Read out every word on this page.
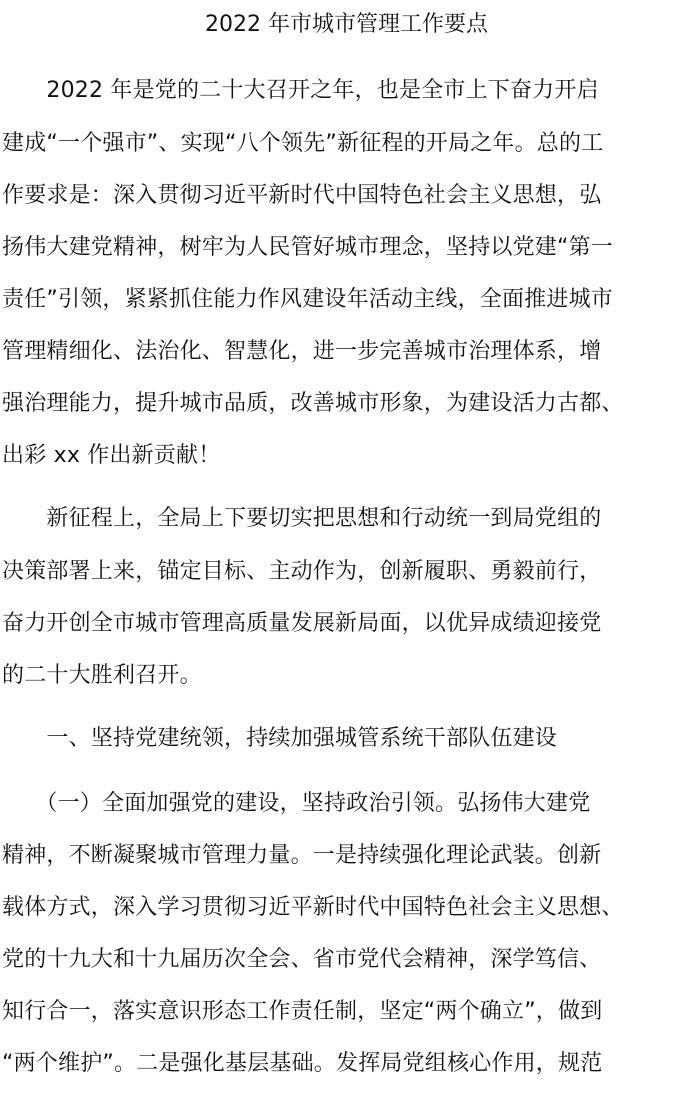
2022 年市城市管理工作要点
　　2022 年是党的二十大召开之年，也是全市上下奋力开启
建成“一个强市”、实现“八个领先”新征程的开局之年。总的工
作要求是：深入贯彻习近平新时代中国特色社会主义思想，弘
扬伟大建党精神，树牢为人民管好城市理念，坚持以党建“第一
责任”引领，紧紧抓住能力作风建设年活动主线，全面推进城市
管理精细化、法治化、智慧化，进一步完善城市治理体系，增
强治理能力，提升城市品质，改善城市形象，为建设活力古都、
出彩 xx 作出新贡献！
　　新征程上，全局上下要切实把思想和行动统一到局党组的
决策部署上来，锚定目标、主动作为，创新履职、勇毅前行，
奋力开创全市城市管理高质量发展新局面，以优异成绩迎接党
的二十大胜利召开。
　　一、坚持党建统领，持续加强城管系统干部队伍建设
　　（一）全面加强党的建设，坚持政治引领。弘扬伟大建党
精神，不断凝聚城市管理力量。一是持续强化理论武装。创新
载体方式，深入学习贯彻习近平新时代中国特色社会主义思想、
党的十九大和十九届历次全会、省市党代会精神，深学笃信、
知行合一，落实意识形态工作责任制，坚定“两个确立”，做到
“两个维护”。二是强化基层基础。发挥局党组核心作用，规范
